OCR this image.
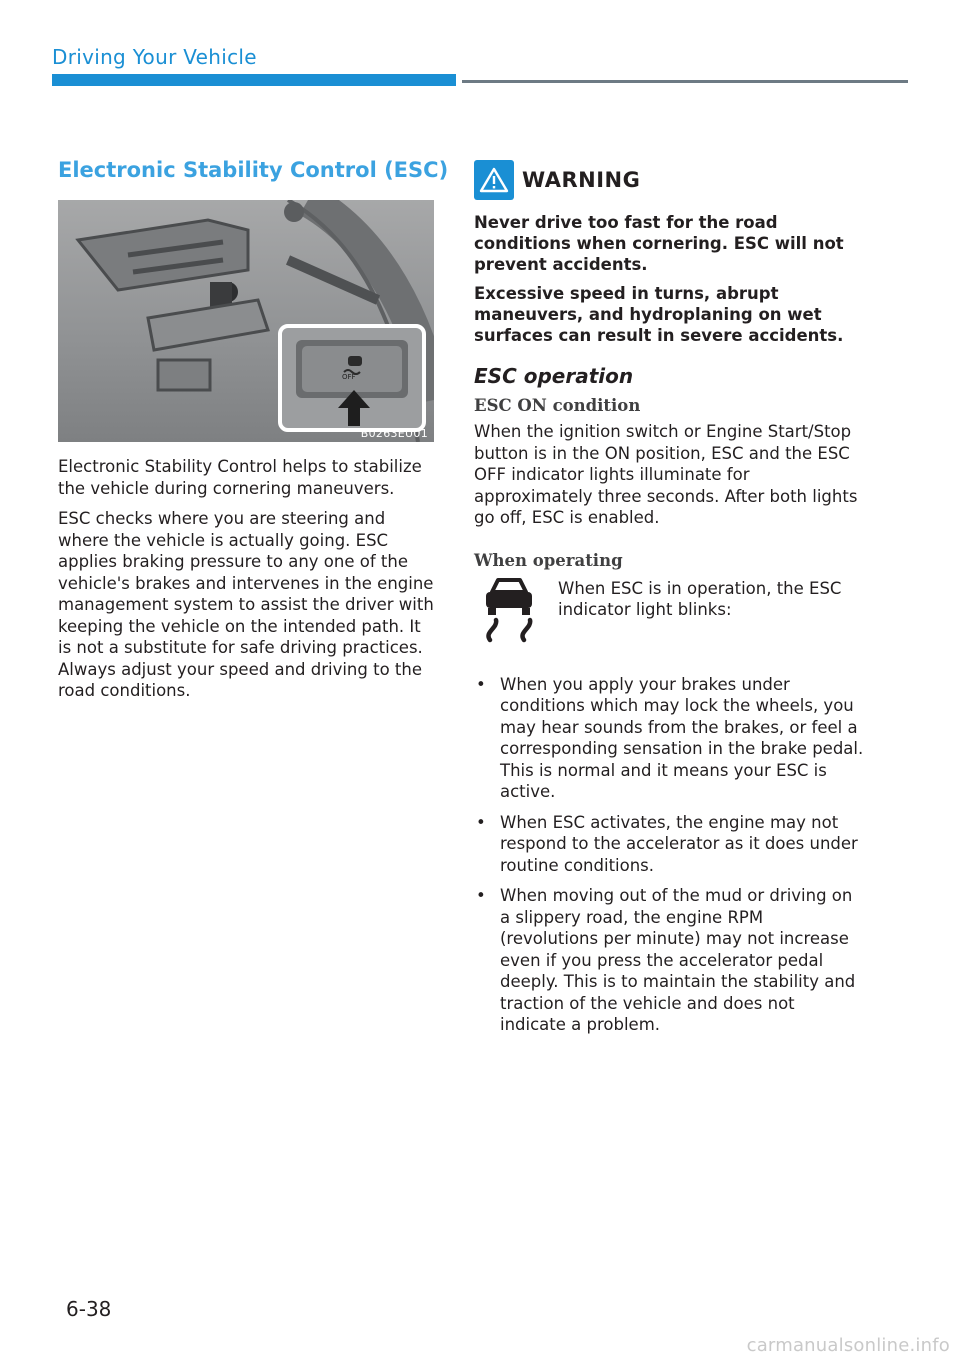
Driving Your Vehicle
Electronic Stability Control (ESC)
OFF
B0263EU01

Electronic Stability Control helps to stabilize the vehicle during cornering maneuvers.

ESC checks where you are steering and where the vehicle is actually going. ESC applies braking pressure to any one of the vehicle's brakes and intervenes in the engine management system to assist the driver with keeping the vehicle on the intended path. It is not a substitute for safe driving practices. Always adjust your speed and driving to the road conditions.

WARNING

Never drive too fast for the road conditions when cornering. ESC will not prevent accidents.

Excessive speed in turns, abrupt maneuvers, and hydroplaning on wet surfaces can result in severe accidents.

ESC operation
ESC ON condition

When the ignition switch or Engine Start/Stop button is in the ON position, ESC and the ESC OFF indicator lights illuminate for approximately three seconds. After both lights go off, ESC is enabled.

When operating

When ESC is in operation, the ESC indicator light blinks:

• When you apply your brakes under conditions which may lock the wheels, you may hear sounds from the brakes, or feel a corresponding sensation in the brake pedal. This is normal and it means your ESC is active.
• When ESC activates, the engine may not respond to the accelerator as it does under routine conditions.
• When moving out of the mud or driving on a slippery road, the engine RPM (revolutions per minute) may not increase even if you press the accelerator pedal deeply. This is to maintain the stability and traction of the vehicle and does not indicate a problem.
6-38
carmanualsonline.info
